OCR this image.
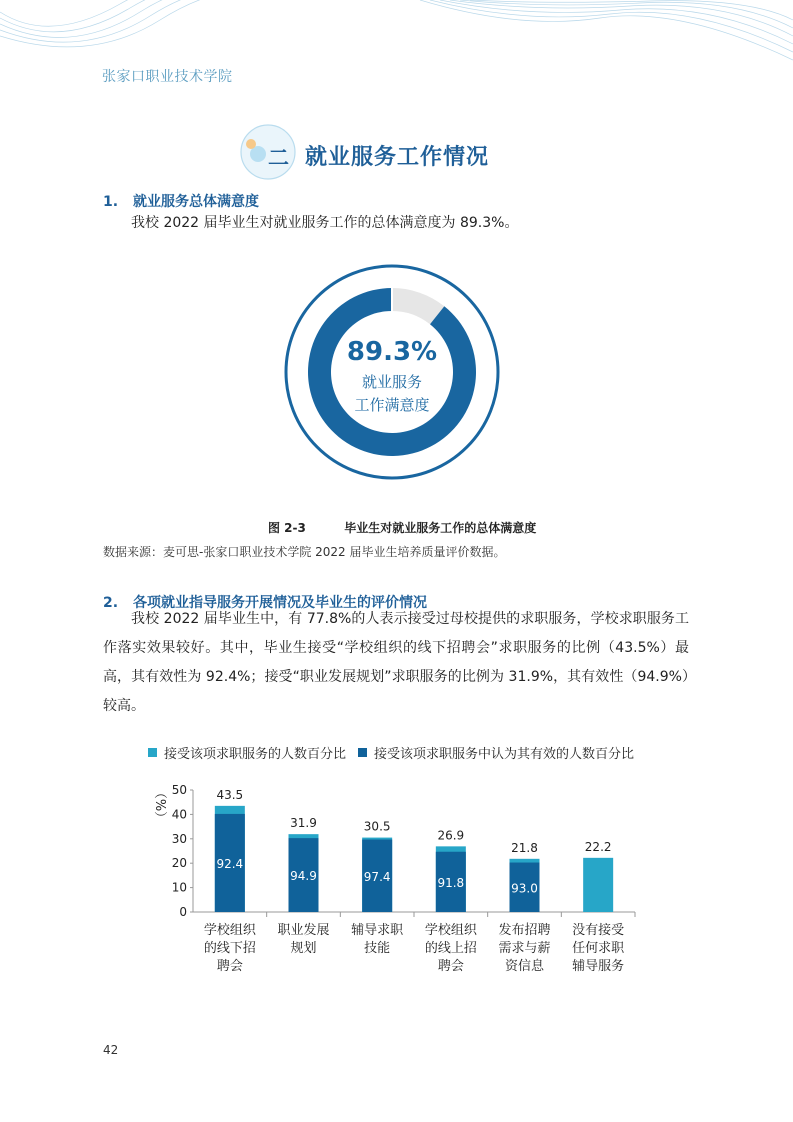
张家口职业技术学院
二 就业服务工作情况
1. 就业服务总体满意度
我校 2022 届毕业生对就业服务工作的总体满意度为 89.3%。
89.3%
就业服务
工作满意度
图 2-3	毕业生对就业服务工作的总体满意度
数据来源：麦可思-张家口职业技术学院 2022 届毕业生培养质量评价数据。
2. 各项就业指导服务开展情况及毕业生的评价情况
我校 2022 届毕业生中，有 77.8%的人表示接受过母校提供的求职服务，学校求职服务工作落实效果较好。其中，毕业生接受“学校组织的线下招聘会”求职服务的比例（43.5%）最高，其有效性为 92.4%；接受“职业发展规划”求职服务的比例为 31.9%，其有效性（94.9%）较高。
接受该项求职服务的人数百分比 接受该项求职服务中认为其有效的人数百分比
（%）
0
10
20
30
40
50
92.4
43.5
学校组织
的线下招
聘会
94.9
31.9
职业发展
规划
97.4
30.5
辅导求职
技能
91.8
26.9
学校组织
的线上招
聘会
93.0
21.8
发布招聘
需求与薪
资信息
22.2
没有接受
任何求职
辅导服务
42
